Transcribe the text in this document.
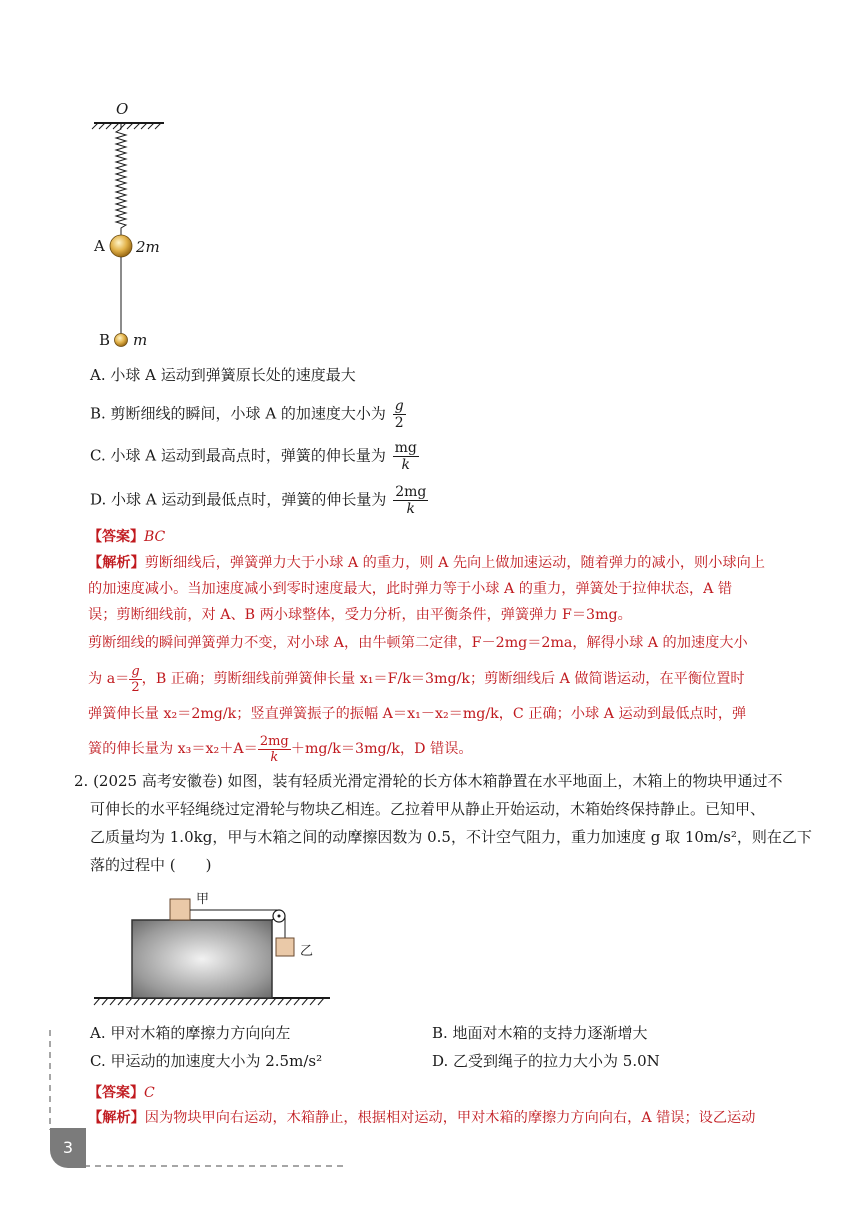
O
A 2m
B m
A. 小球 A 运动到弹簧原长处的速度最大
B. 剪断细线的瞬间，小球 A 的加速度大小为 $\frac{g}{2}$
C. 小球 A 运动到最高点时，弹簧的伸长量为 $\frac{mg}{k}$
D. 小球 A 运动到最低点时，弹簧的伸长量为 $\frac{2mg}{k}$
【答案】BC
【解析】剪断细线后，弹簧弹力大于小球 A 的重力，则 A 先向上做加速运动，随着弹力的减小，则小球向上
的加速度减小。当加速度减小到零时速度最大，此时弹力等于小球 A 的重力，弹簧处于拉伸状态，A 错
误；剪断细线前，对 A、B 两小球整体，受力分析，由平衡条件，弹簧弹力 F＝3mg。
剪断细线的瞬间弹簧弹力不变，对小球 A，由牛顿第二定律，F－2mg＝2ma，解得小球 A 的加速度大小
为 $a= \frac{g}{2}$ ，B 正确；剪断细线前弹簧伸长量 x₁＝F/k＝3mg/k；剪断细线后 A 做简谐运动，在平衡位置时
弹簧伸长量 x₂＝2mg/k；竖直弹簧振子的振幅 A＝x₁－x₂＝mg/k，C 正确；小球 A 运动到最低点时，弹
簧的伸长量为 $x_3=x_2+A= \frac{2mg}{k} +mg/k=3mg/k$，D 错误。
2. (2025 高考安徽卷) 如图，装有轻质光滑定滑轮的长方体木箱静置在水平地面上，木箱上的物块甲通过不
可伸长的水平轻绳绕过定滑轮与物块乙相连。乙拉着甲从静止开始运动，木箱始终保持静止。已知甲、
乙质量均为 1.0kg，甲与木箱之间的动摩擦因数为 0.5，不计空气阻力，重力加速度 g 取 10m/s²，则在乙下
落的过程中 (　　)
甲
乙
A. 甲对木箱的摩擦力方向向左	B. 地面对木箱的支持力逐渐增大
C. 甲运动的加速度大小为 2.5m/s²	D. 乙受到绳子的拉力大小为 5.0N
【答案】C
【解析】因为物块甲向右运动，木箱静止，根据相对运动，甲对木箱的摩擦力方向向右，A 错误；设乙运动
3
